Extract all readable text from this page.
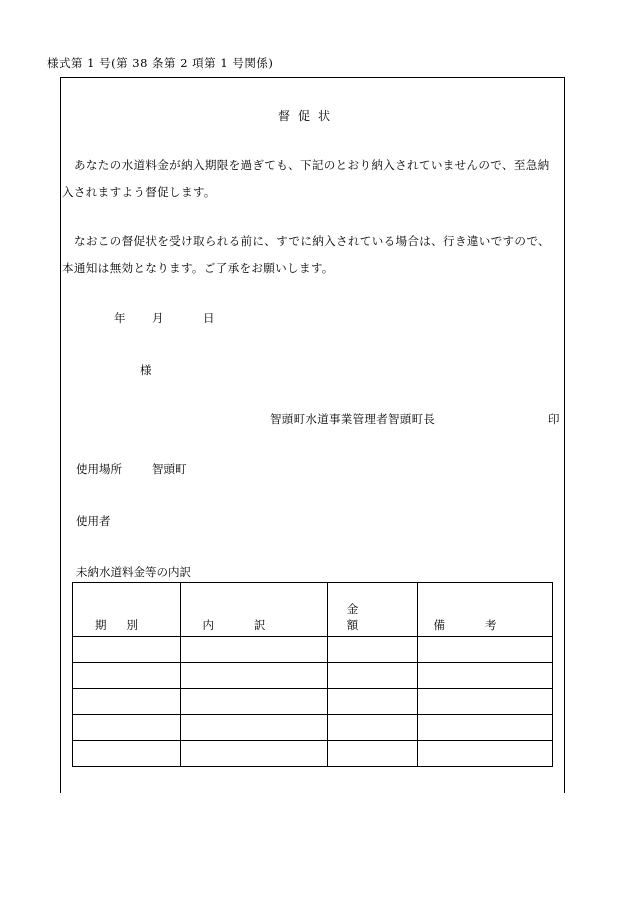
様式第 1 号(第 38 条第 2 項第 1 号関係)
督促状
あなたの水道料金が納入期限を過ぎても、下記のとおり納入されていませんので、至急納入されますよう督促します。
なおこの督促状を受け取られる前に、すでに納入されている場合は、行き違いですので、本通知は無効となります。ご了承をお願いします。
年 月	日
様
智頭町水道事業管理者智頭町長	印
使用場所	智頭町
使用者
未納水道料金等の内訳
期別	内訳	金額	備考
